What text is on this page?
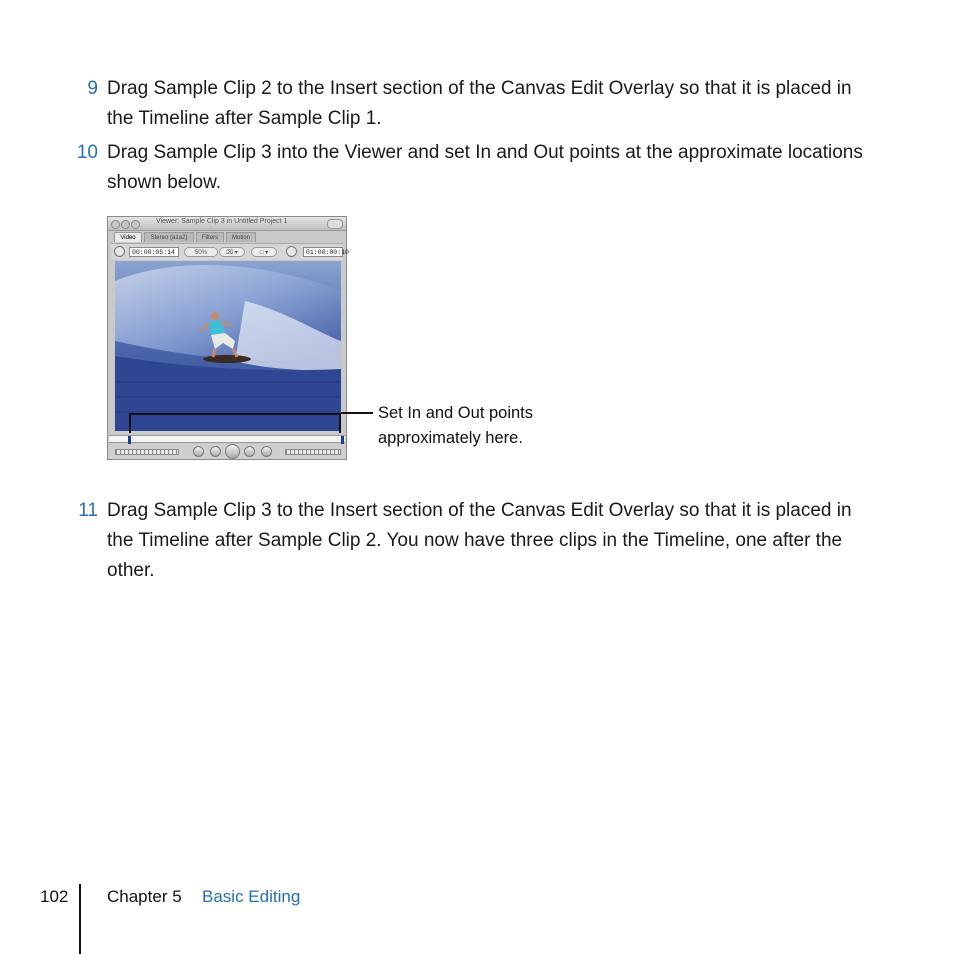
9 Drag Sample Clip 2 to the Insert section of the Canvas Edit Overlay so that it is placed in the Timeline after Sample Clip 1.
10 Drag Sample Clip 3 into the Viewer and set In and Out points at the approximate locations shown below.
Viewer: Sample Clip 3 in Untitled Project 1
Video	Stereo (a1a2)	Filters	Motion
00:00:05:14	50%	⌧ ▾	□ ▾	01:00:00:10
Set In and Out points
approximately here.
11 Drag Sample Clip 3 to the Insert section of the Canvas Edit Overlay so that it is placed in the Timeline after Sample Clip 2. You now have three clips in the Timeline, one after the other.
102 Chapter 5 Basic Editing
